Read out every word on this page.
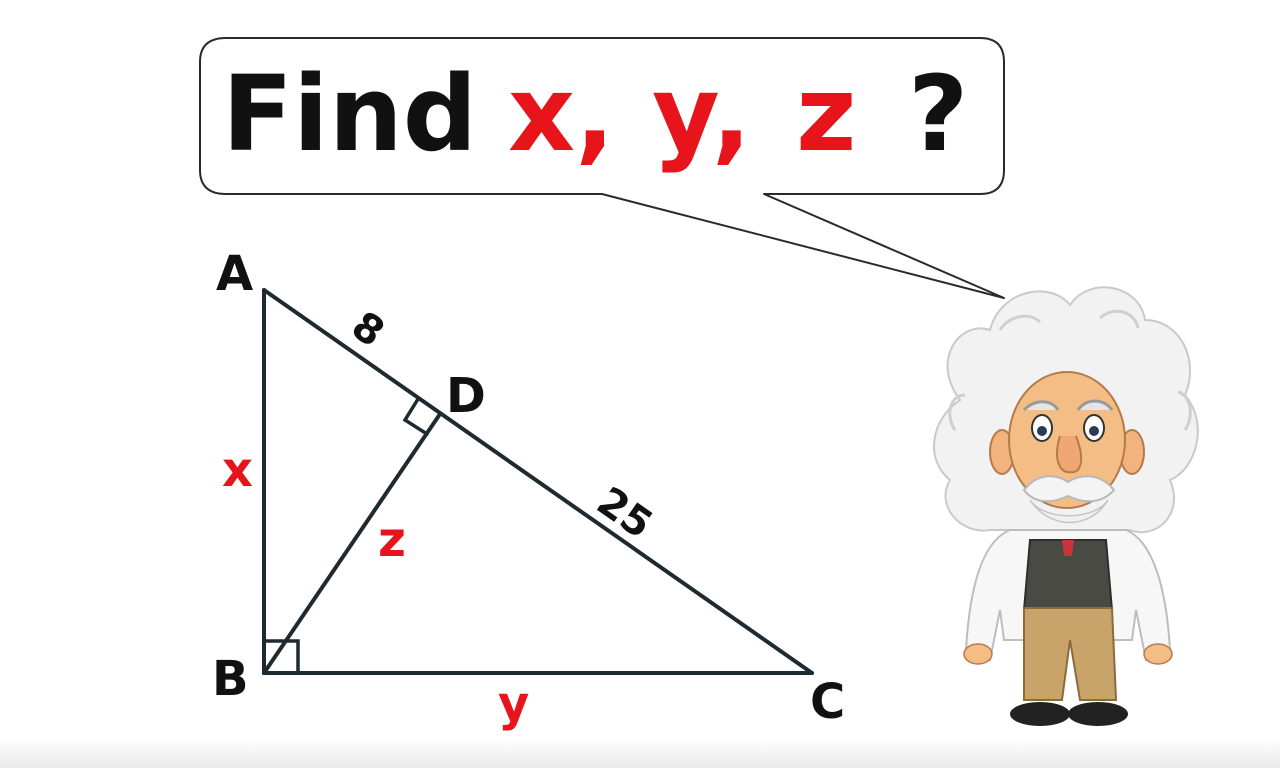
Find x, y, z ?
A
B	C
D
8
25
x
y
z
